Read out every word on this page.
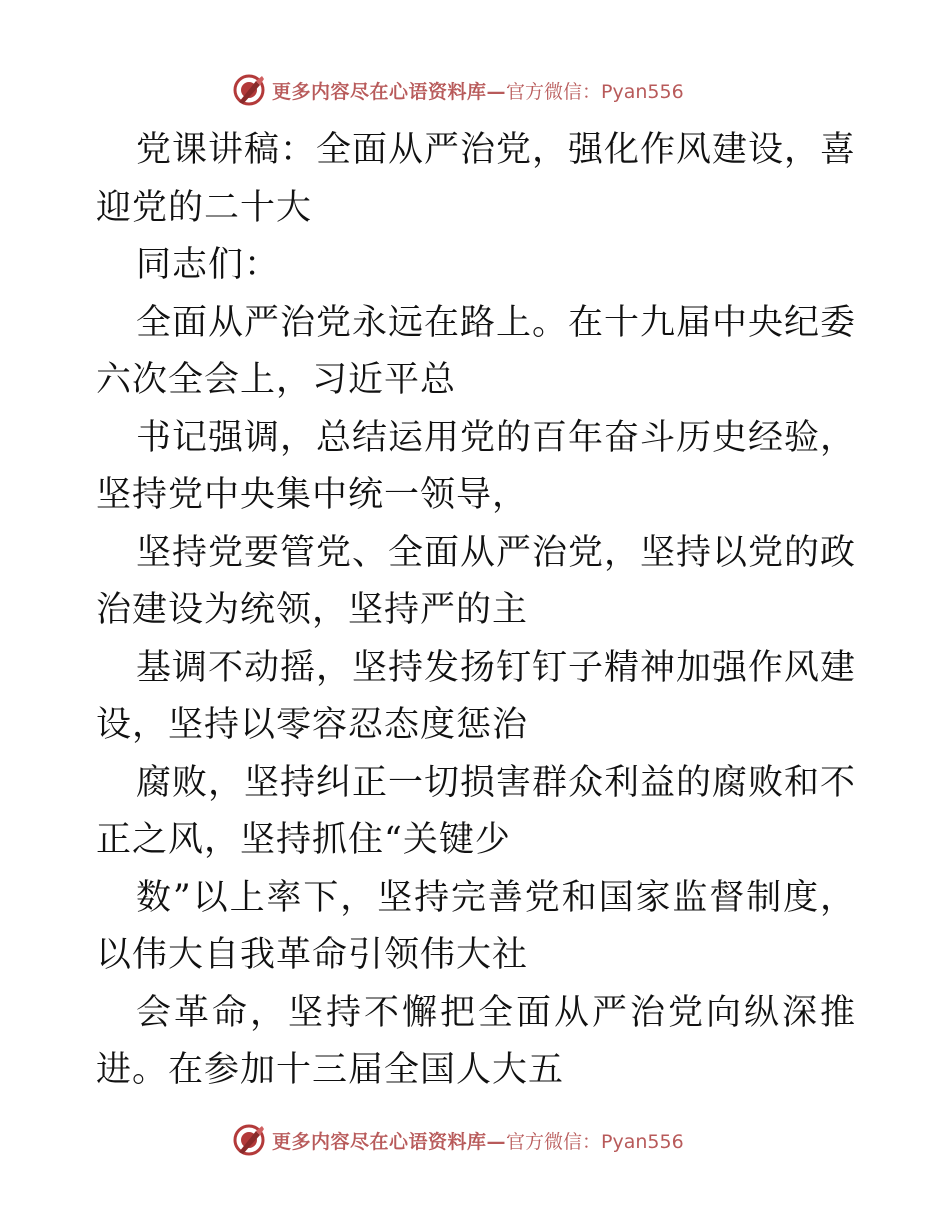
更多内容尽在心语资料库— 官方微信：Pyan556

党课讲稿：全面从严治党，强化作风建设，喜迎党的二十大

同志们：

全面从严治党永远在路上。在十九届中央纪委六次全会上，习近平总

书记强调，总结运用党的百年奋斗历史经验，坚持党中央集中统一领导，

坚持党要管党、全面从严治党，坚持以党的政治建设为统领，坚持严的主

基调不动摇，坚持发扬钉钉子精神加强作风建设，坚持以零容忍态度惩治

腐败，坚持纠正一切损害群众利益的腐败和不正之风，坚持抓住“关键少

数”以上率下，坚持完善党和国家监督制度，以伟大自我革命引领伟大社

会革命，坚持不懈把全面从严治党向纵深推进。在参加十三届全国人大五

更多内容尽在心语资料库— 官方微信：Pyan556
